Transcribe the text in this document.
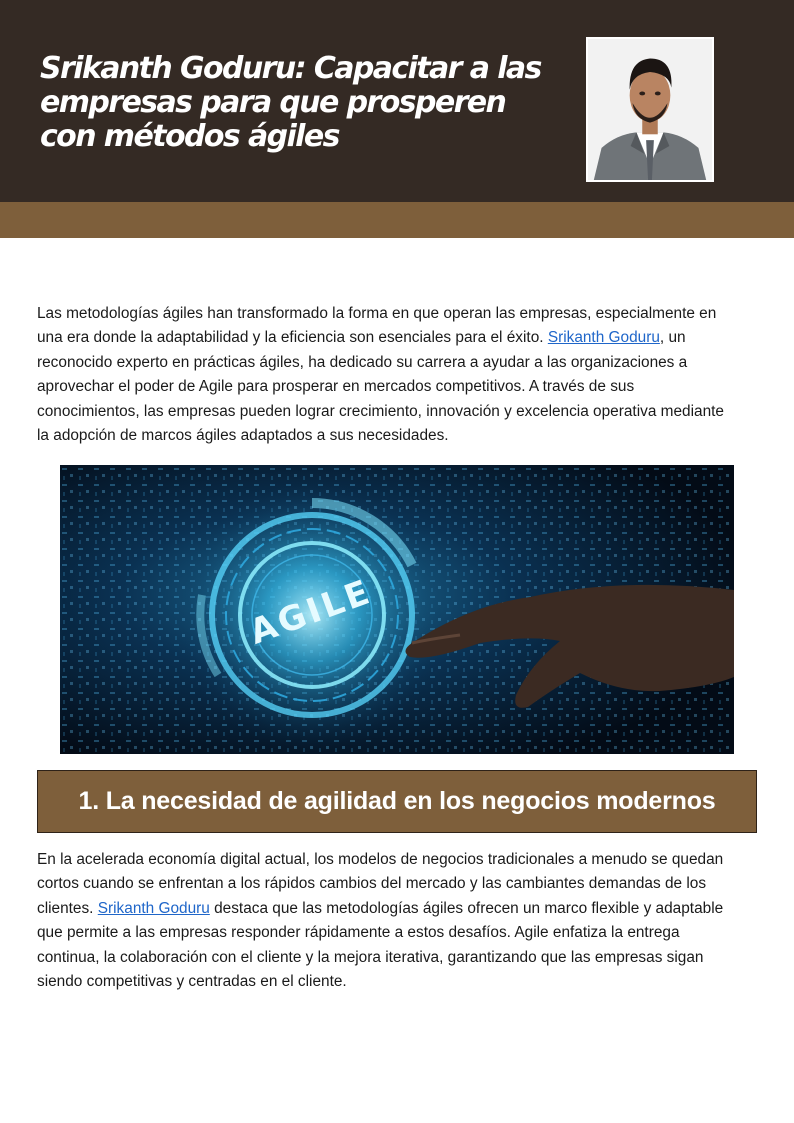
Srikanth Goduru: Capacitar a las
empresas para que prosperen
con métodos ágiles

Las metodologías ágiles han transformado la forma en que operan las empresas, especialmente en
una era donde la adaptabilidad y la eficiencia son esenciales para el éxito. Srikanth Goduru, un
reconocido experto en prácticas ágiles, ha dedicado su carrera a ayudar a las organizaciones a
aprovechar el poder de Agile para prosperar en mercados competitivos. A través de sus
conocimientos, las empresas pueden lograr crecimiento, innovación y excelencia operativa mediante
la adopción de marcos ágiles adaptados a sus necesidades.

AGILE
1. La necesidad de agilidad en los negocios modernos

En la acelerada economía digital actual, los modelos de negocios tradicionales a menudo se quedan
cortos cuando se enfrentan a los rápidos cambios del mercado y las cambiantes demandas de los
clientes. Srikanth Goduru destaca que las metodologías ágiles ofrecen un marco flexible y adaptable
que permite a las empresas responder rápidamente a estos desafíos. Agile enfatiza la entrega
continua, la colaboración con el cliente y la mejora iterativa, garantizando que las empresas sigan
siendo competitivas y centradas en el cliente.
